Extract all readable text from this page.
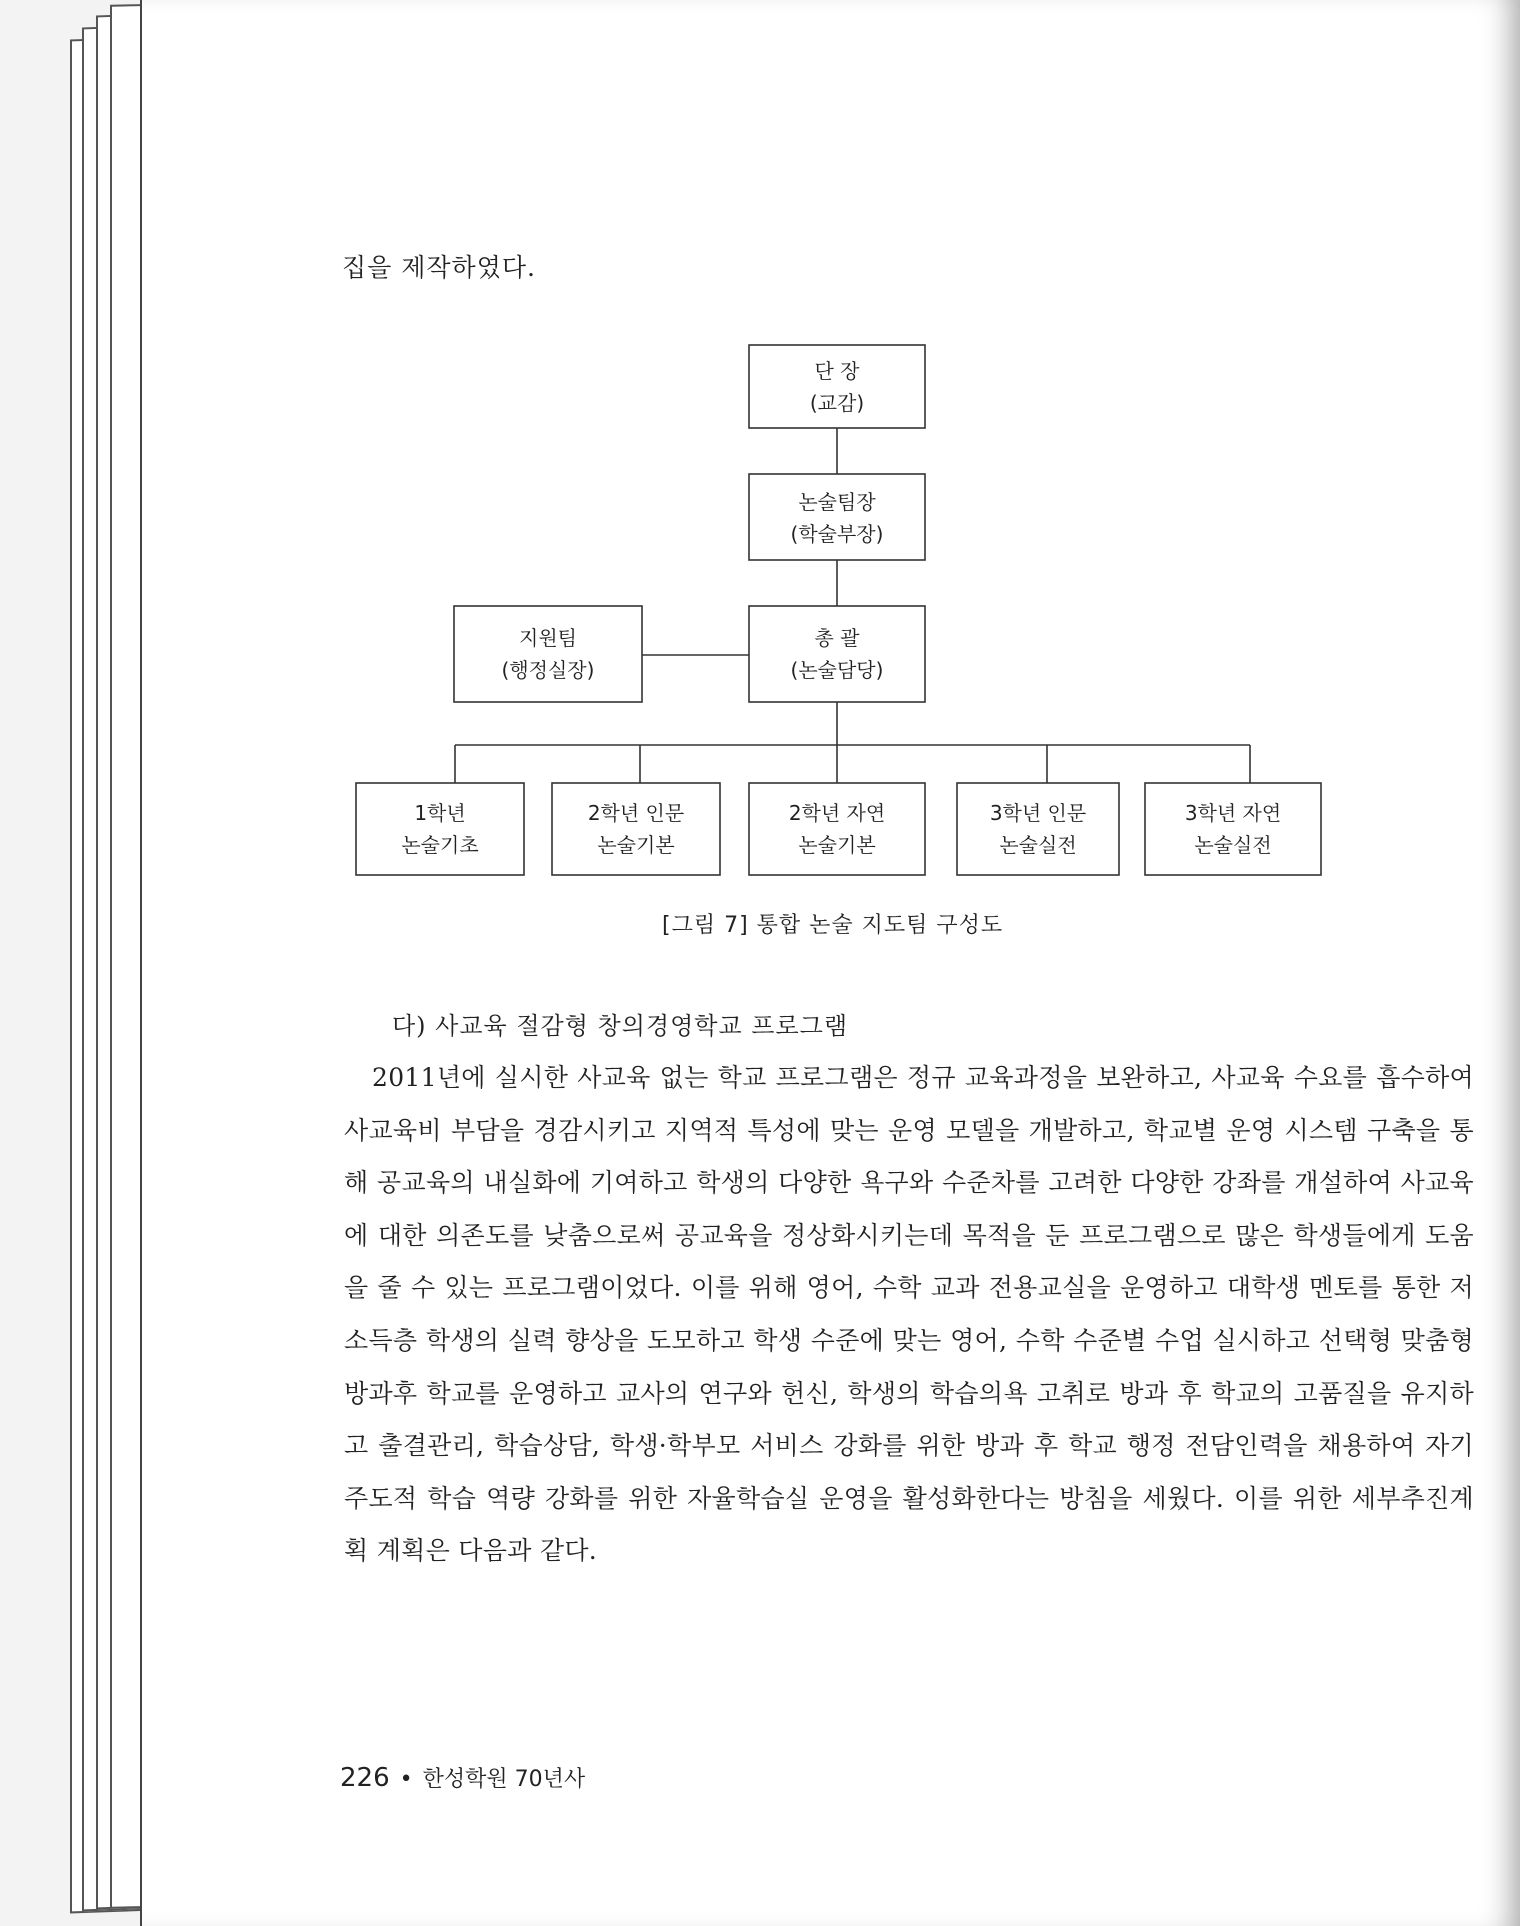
집을 제작하였다.
단 장
(교감)
논술팀장
(학술부장)
지원팀
(행정실장)
총 괄
(논술담당)
1학년
논술기초
2학년 인문
논술기본
2학년 자연
논술기본
3학년 인문
논술실전
3학년 자연
논술실전
[그림 7] 통합 논술 지도팀 구성도
다) 사교육 절감형 창의경영학교 프로그램

2011년에 실시한 사교육 없는 학교 프로그램은 정규 교육과정을 보완하고, 사교육 수요를 흡수하여 사교육비 부담을 경감시키고 지역적 특성에 맞는 운영 모델을 개발하고, 학교별 운영 시스템 구축을 통해 공교육의 내실화에 기여하고 학생의 다양한 욕구와 수준차를 고려한 다양한 강좌를 개설하여 사교육에 대한 의존도를 낮춤으로써 공교육을 정상화시키는데 목적을 둔 프로그램으로 많은 학생들에게 도움을 줄 수 있는 프로그램이었다. 이를 위해 영어, 수학 교과 전용교실을 운영하고 대학생 멘토를 통한 저소득층 학생의 실력 향상을 도모하고 학생 수준에 맞는 영어, 수학 수준별 수업 실시하고 선택형 맞춤형 방과후 학교를 운영하고 교사의 연구와 헌신, 학생의 학습의욕 고취로 방과 후 학교의 고품질을 유지하고 출결관리, 학습상담, 학생·학부모 서비스 강화를 위한 방과 후 학교 행정 전담인력을 채용하여 자기주도적 학습 역량 강화를 위한 자율학습실 운영을 활성화한다는 방침을 세웠다. 이를 위한 세부추진계획 계획은 다음과 같다.

226 • 한성학원 70년사
